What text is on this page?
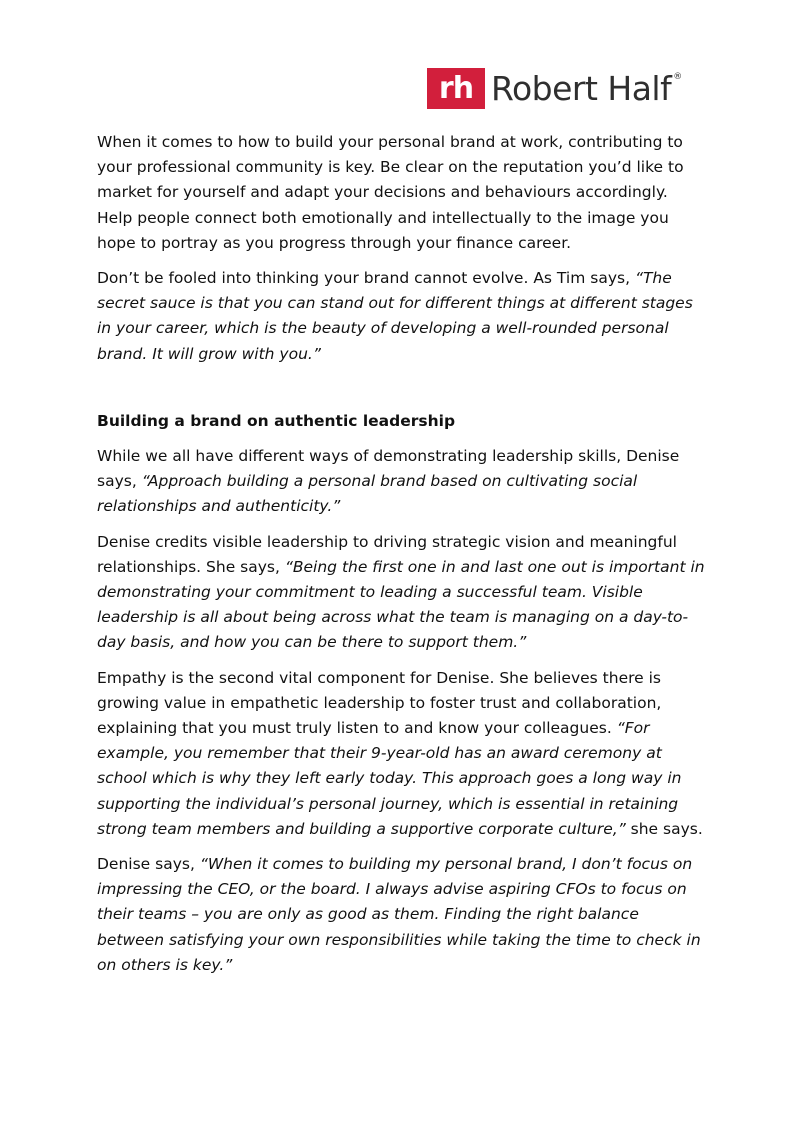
rh Robert Half ®

When it comes to how to build your personal brand at work, contributing to your professional community is key. Be clear on the reputation you’d like to market for yourself and adapt your decisions and behaviours accordingly. Help people connect both emotionally and intellectually to the image you hope to portray as you progress through your finance career.

Don’t be fooled into thinking your brand cannot evolve. As Tim says, “The secret sauce is that you can stand out for different things at different stages in your career, which is the beauty of developing a well-rounded personal brand. It will grow with you.”

Building a brand on authentic leadership

While we all have different ways of demonstrating leadership skills, Denise says, “Approach building a personal brand based on cultivating social relationships and authenticity.”

Denise credits visible leadership to driving strategic vision and meaningful relationships. She says, “Being the first one in and last one out is important in demonstrating your commitment to leading a successful team. Visible leadership is all about being across what the team is managing on a day-to-day basis, and how you can be there to support them.”

Empathy is the second vital component for Denise. She believes there is growing value in empathetic leadership to foster trust and collaboration, explaining that you must truly listen to and know your colleagues. “For example, you remember that their 9-year-old has an award ceremony at school which is why they left early today. This approach goes a long way in supporting the individual’s personal journey, which is essential in retaining strong team members and building a supportive corporate culture,” she says.

Denise says, “When it comes to building my personal brand, I don’t focus on impressing the CEO, or the board. I always advise aspiring CFOs to focus on their teams – you are only as good as them. Finding the right balance between satisfying your own responsibilities while taking the time to check in on others is key.”
